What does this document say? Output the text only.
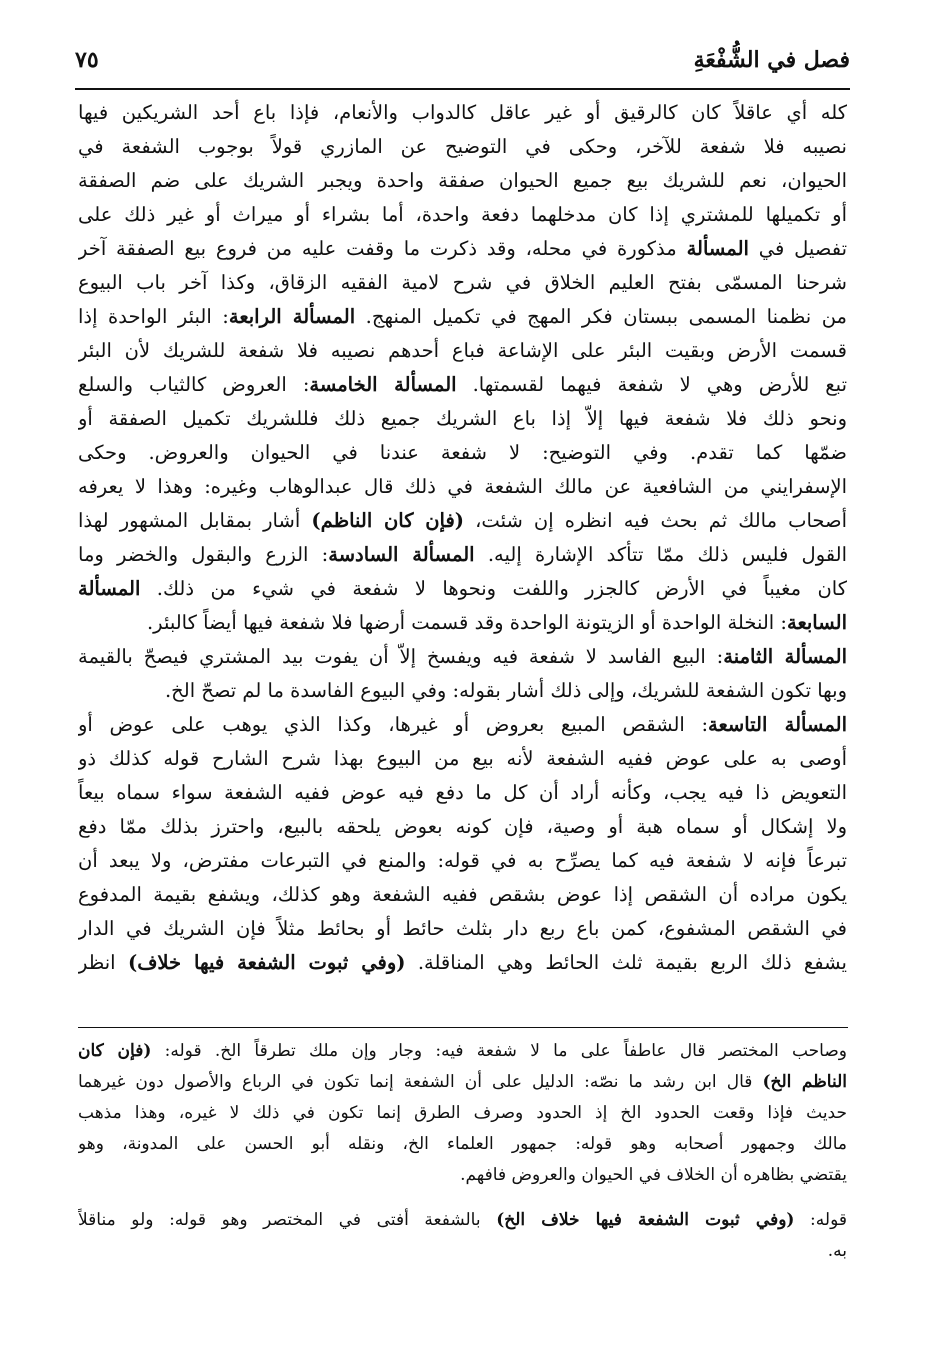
فصل في الشُّفْعَةِ
٧٥
كله أي عاقلاً كان كالرقيق أو غير عاقل كالدواب والأنعام، فإذا باع أحد الشريكين فيها
نصيبه فلا شفعة للآخر، وحكى في التوضيح عن المازري قولاً بوجوب الشفعة في
الحيوان، نعم للشريك بيع جميع الحيوان صفقة واحدة ويجبر الشريك على ضم الصفقة
أو تكميلها للمشتري إذا كان مدخلهما دفعة واحدة، أما بشراء أو ميراث أو غير ذلك على
تفصيل في المسألة مذكورة في محله، وقد ذكرت ما وقفت عليه من فروع بيع الصفقة آخر
شرحنا المسمّى بفتح العليم الخلاق في شرح لامية الفقيه الزقاق، وكذا آخر باب البيوع
من نظمنا المسمى ببستان فكر المهج في تكميل المنهج. المسألة الرابعة: البئر الواحدة إذا
قسمت الأرض وبقيت البئر على الإشاعة فباع أحدهم نصيبه فلا شفعة للشريك لأن البئر
تبع للأرض وهي لا شفعة فيهما لقسمتها. المسألة الخامسة: العروض كالثياب والسلع
ونحو ذلك فلا شفعة فيها إلاّ إذا باع الشريك جميع ذلك فللشريك تكميل الصفقة أو
ضمّها كما تقدم. وفي التوضيح: لا شفعة عندنا في الحيوان والعروض. وحكى
الإسفرايني من الشافعية عن مالك الشفعة في ذلك قال عبدالوهاب وغيره: وهذا لا يعرفه
أصحاب مالك ثم بحث فيه انظره إن شئت، (فإن كان الناظم) أشار بمقابل المشهور لهذا
القول فليس ذلك ممّا تتأكد الإشارة إليه. المسألة السادسة: الزرع والبقول والخضر وما
كان مغيباً في الأرض كالجزر واللفت ونحوها لا شفعة في شيء من ذلك. المسألة
السابعة: النخلة الواحدة أو الزيتونة الواحدة وقد قسمت أرضها فلا شفعة فيها أيضاً كالبئر.
المسألة الثامنة: البيع الفاسد لا شفعة فيه ويفسخ إلاّ أن يفوت بيد المشتري فيصحّ بالقيمة
وبها تكون الشفعة للشريك، وإلى ذلك أشار بقوله: وفي البيوع الفاسدة ما لم تصحّ الخ.
المسألة التاسعة: الشقص المبيع بعروض أو غيرها، وكذا الذي يوهب على عوض أو
أوصى به على عوض ففيه الشفعة لأنه بيع من البيوع بهذا شرح الشارح قوله كذلك ذو
التعويض ذا فيه يجب، وكأنه أراد أن كل ما دفع فيه عوض ففيه الشفعة سواء سماه بيعاً
ولا إشكال أو سماه هبة أو وصية، فإن كونه بعوض يلحقه بالبيع، واحترز بذلك ممّا دفع
تبرعاً فإنه لا شفعة فيه كما يصرِّح به في قوله: والمنع في التبرعات مفترض، ولا يبعد أن
يكون مراده أن الشقص إذا عوض بشقص ففيه الشفعة وهو كذلك، ويشفع بقيمة المدفوع
في الشقص المشفوع، كمن باع ربع دار بثلث حائط أو بحائط مثلاً فإن الشريك في الدار
يشفع ذلك الربع بقيمة ثلث الحائط وهي المناقلة. (وفي ثبوت الشفعة فيها خلاف) انظر
وصاحب المختصر قال عاطفاً على ما لا شفعة فيه: وجار وإن ملك تطرقاً الخ. قوله: (فإن كان
الناظم الخ) قال ابن رشد ما نصّه: الدليل على أن الشفعة إنما تكون في الرباع والأصول دون غيرهما
حديث فإذا وقعت الحدود الخ إذ الحدود وصرف الطرق إنما تكون في ذلك لا غيره، وهذا مذهب
مالك وجمهور أصحابه وهو قوله: جمهور العلماء الخ، ونقله أبو الحسن على المدونة، وهو
يقتضي بظاهره أن الخلاف في الحيوان والعروض فافهم.
قوله: (وفي ثبوت الشفعة فيها خلاف الخ) بالشفعة أفتى في المختصر وهو قوله: ولو مناقلاً
به.
